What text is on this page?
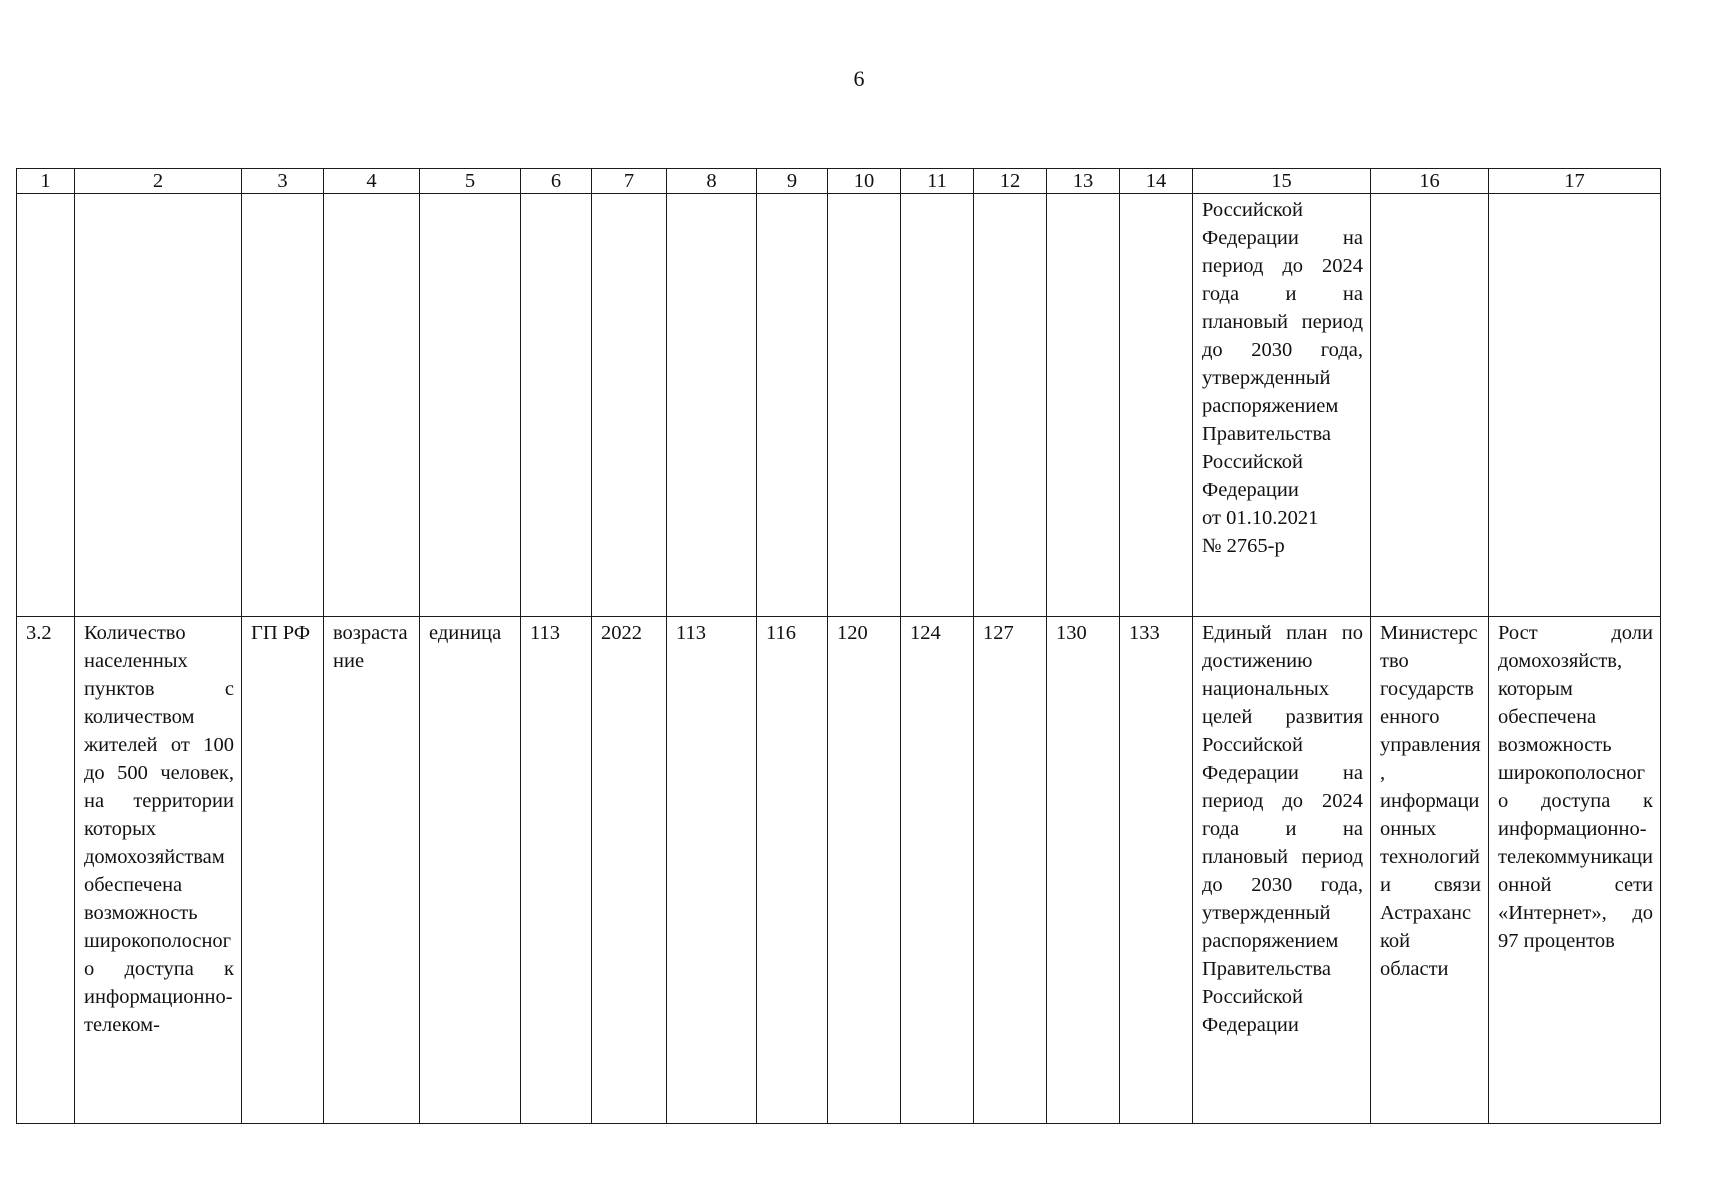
6
1	2	3	4	5	6	7	8	9	10	11	12	13	14	15	16	17

														Российской Федерации на период до 2024 года и на плановый период до 2030 года, утвержденный распоряжением Правительства Российской Федерации
от 01.10.2021
№ 2765-р		

3.2	Количество населенных пунктов с количеством жителей от 100 до 500 человек, на территории которых домохозяйствам обеспечена возможность широкополосного доступа к информационно-телеком-	ГП РФ	возрастание	единица	113	2022	113	116	120	124	127	130	133	Единый план по достижению национальных целей развития Российской Федерации на период до 2024 года и на плановый период до 2030 года, утвержденный распоряжением Правительства Российской Федерации	Министерство государственного управления, информационных технологий и связи Астраханской области	Рост доли домохозяйств, которым обеспечена возможность широкополосного доступа к информационно-телекоммуникационной сети «Интернет», до 97 процентов
